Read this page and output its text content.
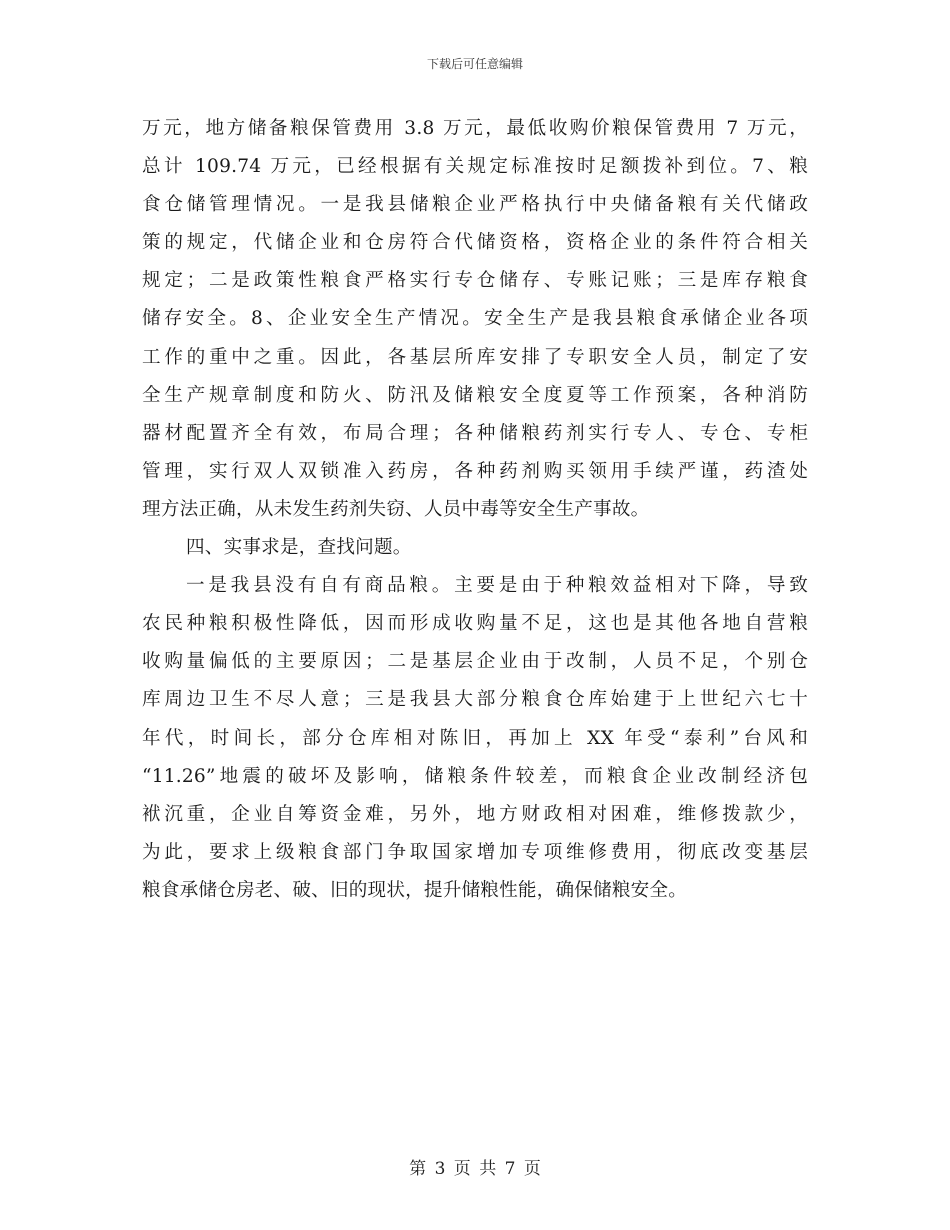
下载后可任意编辑
万元，地方储备粮保管费用 3.8 万元，最低收购价粮保管费用 7 万元，
总计 109.74 万元，已经根据有关规定标准按时足额拨补到位。7、粮
食仓储管理情况。一是我县储粮企业严格执行中央储备粮有关代储政
策的规定，代储企业和仓房符合代储资格，资格企业的条件符合相关
规定；二是政策性粮食严格实行专仓储存、专账记账；三是库存粮食
储存安全。8、企业安全生产情况。安全生产是我县粮食承储企业各项
工作的重中之重。因此，各基层所库安排了专职安全人员，制定了安
全生产规章制度和防火、防汛及储粮安全度夏等工作预案，各种消防
器材配置齐全有效，布局合理；各种储粮药剂实行专人、专仓、专柜
管理，实行双人双锁准入药房，各种药剂购买领用手续严谨，药渣处
理方法正确，从未发生药剂失窃、人员中毒等安全生产事故。
四、实事求是，查找问题。
一是我县没有自有商品粮。主要是由于种粮效益相对下降，导致
农民种粮积极性降低，因而形成收购量不足，这也是其他各地自营粮
收购量偏低的主要原因；二是基层企业由于改制，人员不足，个别仓
库周边卫生不尽人意；三是我县大部分粮食仓库始建于上世纪六七十
年代，时间长，部分仓库相对陈旧，再加上 XX 年受“泰利”台风和
“11.26”地震的破坏及影响，储粮条件较差，而粮食企业改制经济包
袱沉重，企业自筹资金难，另外，地方财政相对困难，维修拨款少，
为此，要求上级粮食部门争取国家增加专项维修费用，彻底改变基层
粮食承储仓房老、破、旧的现状，提升储粮性能，确保储粮安全。
第 3 页 共 7 页
